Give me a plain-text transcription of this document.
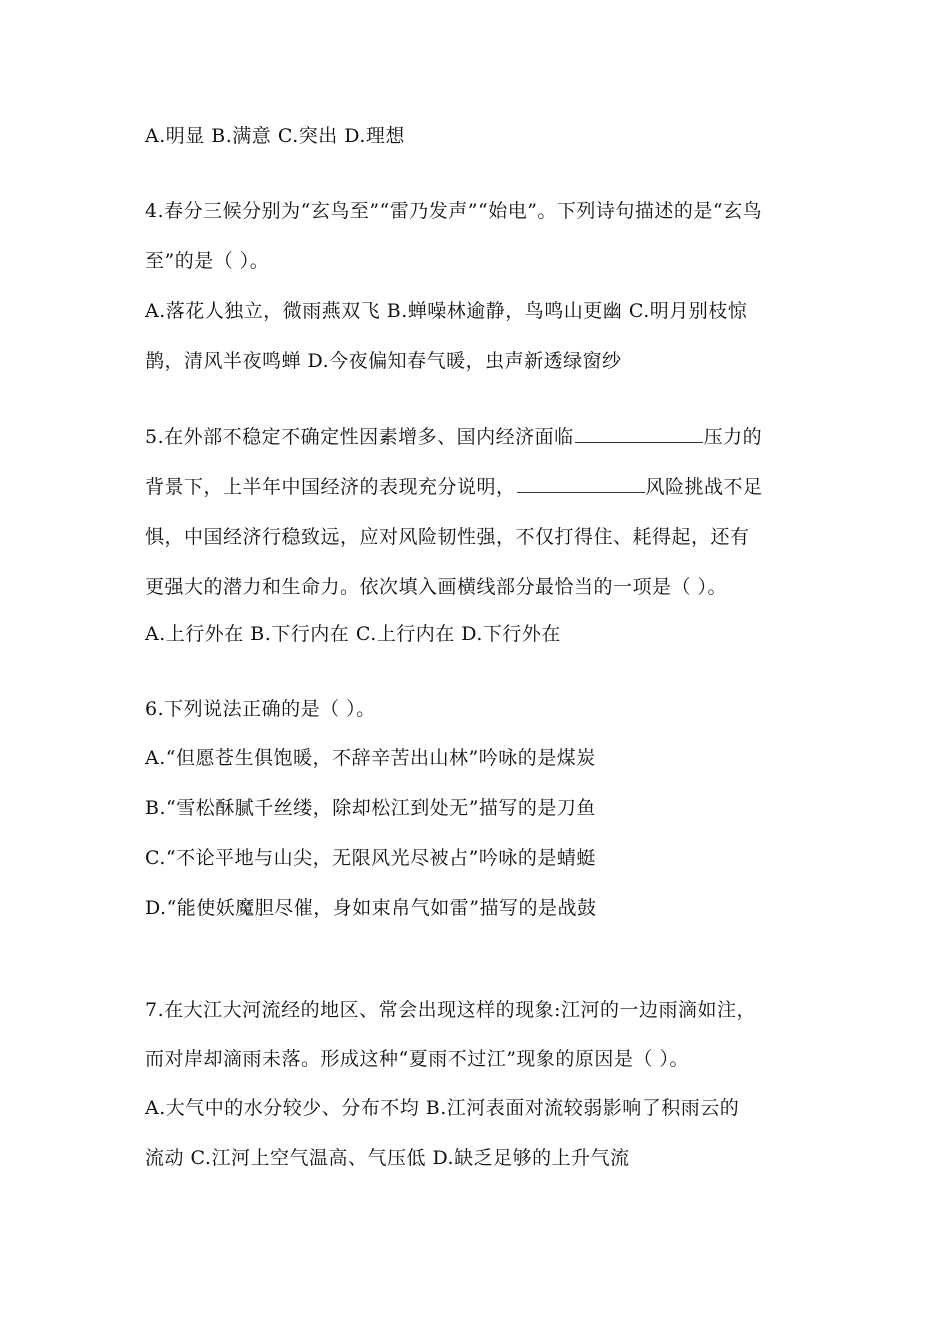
A.明显 B.满意 C.突出 D.理想
4.春分三候分别为“玄鸟至”“雷乃发声”“始电”。下列诗句描述的是“玄鸟
至”的是（ ）。
A.落花人独立，微雨燕双飞 B.蝉噪林逾静，鸟鸣山更幽 C.明月别枝惊
鹊，清风半夜鸣蝉 D.今夜偏知春气暖，虫声新透绿窗纱
5.在外部不稳定不确定性因素增多、国内经济面临	压力的
背景下，上半年中国经济的表现充分说明，	风险挑战不足
惧，中国经济行稳致远，应对风险韧性强，不仅打得住、耗得起，还有
更强大的潜力和生命力。依次填入画横线部分最恰当的一项是（ ）。
A.上行外在 B.下行内在 C.上行内在 D.下行外在
6.下列说法正确的是（ ）。
A.“但愿苍生俱饱暖，不辞辛苦出山林”吟咏的是煤炭
B.“雪松酥腻千丝缕，除却松江到处无”描写的是刀鱼
C.“不论平地与山尖，无限风光尽被占”吟咏的是蜻蜓
D.“能使妖魔胆尽催，身如束帛气如雷”描写的是战鼓
7.在大江大河流经的地区、常会出现这样的现象:江河的一边雨滴如注，
而对岸却滴雨未落。形成这种“夏雨不过江”现象的原因是（ ）。
A.大气中的水分较少、分布不均 B.江河表面对流较弱影响了积雨云的
流动 C.江河上空气温高、气压低 D.缺乏足够的上升气流
